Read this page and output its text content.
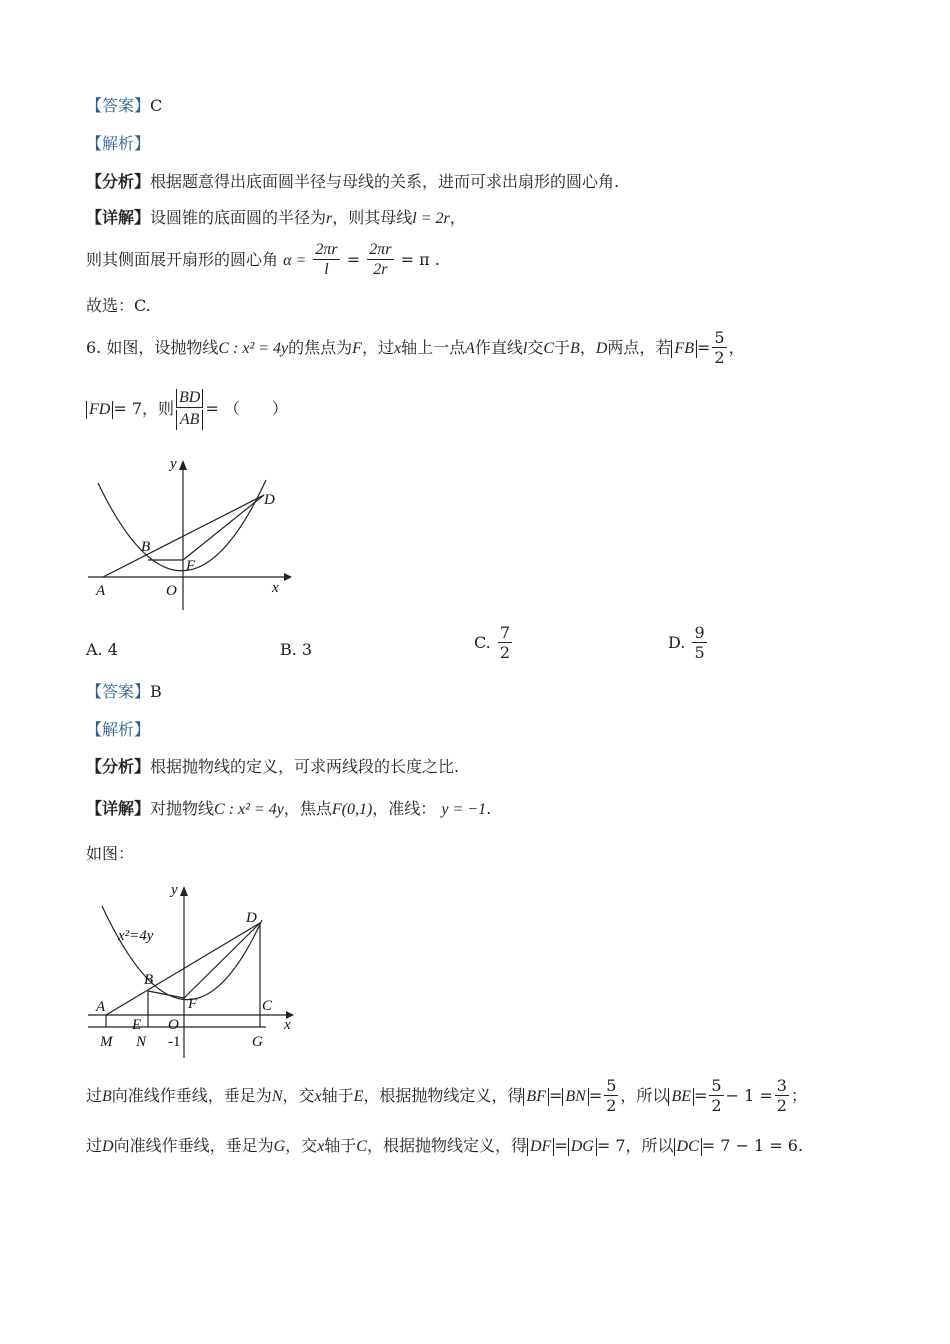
【答案】C
【解析】
【分析】根据题意得出底面圆半径与母线的关系，进而可求出扇形的圆心角.
【详解】设圆锥的底面圆的半径为r，则其母线l = 2r，
则其侧面展开扇形的圆心角 $\alpha = \frac{2\pi r}{l} = \frac{2\pi r}{2r} = \pi$ .
故选：C.
6. 如图，设抛物线C : x² = 4y的焦点为F，过x轴上一点A作直线l交C于B，D两点，若 FB = $\frac{5}{2}$ ，
FD = 7，则 $\frac{BD}{AB}$ = （　　）
y
D
B
F
A	O	x
A. 4	B. 3	C. $\frac{7}{2}$	D. $\frac{9}{5}$
【答案】B
【解析】
【分析】根据抛物线的定义，可求两线段的长度之比.
【详解】对抛物线C : x² = 4y，焦点F(0,1)，准线： y = −1.
如图：
y
D
x²=4y
B
A	F	C
E O	x
M N -1	G
过B向准线作垂线，垂足为N，交x轴于E，根据抛物线定义，得 BF = BN = $\frac{5}{2}$ ，所以 BE = $\frac{5}{2} - 1 = \frac{3}{2}$ ；
过D向准线作垂线，垂足为G，交x轴于C，根据抛物线定义，得 DF = DG = 7，所以 DC = 7 − 1 = 6.
